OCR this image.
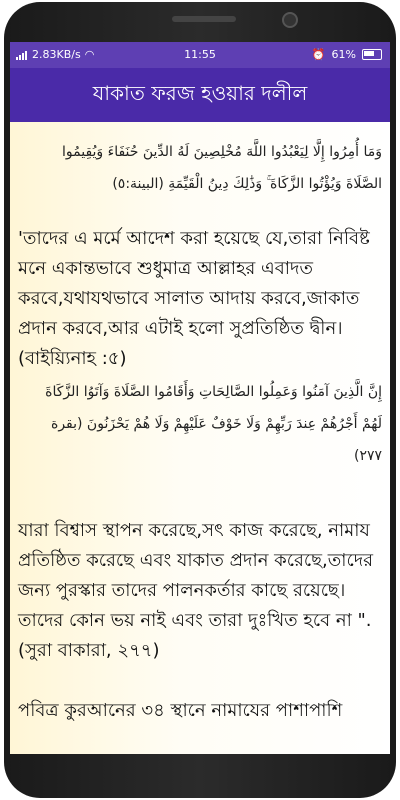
2.83KB/s ◠	11:55	⏰ 61%
যাকাত ফরজ হওয়ার দলীল
وَمَا أُمِرُوا إِلَّا لِيَعْبُدُوا اللَّهَ مُخْلِصِينَ لَهُ الدِّينَ حُنَفَاءَ وَيُقِيمُوا
الصَّلَاةَ وَيُؤْتُوا الزَّكَاةَ ۚ وَذَٰلِكَ دِينُ الْقَيِّمَةِ (البينة:٥)
'তাদের এ মর্মে আদেশ করা হয়েছে যে,তারা নিবিষ্ট মনে একান্তভাবে শুধুমাত্র আল্লাহর এবাদত করবে,যথাযথভাবে সালাত আদায় করবে,জাকাত প্রদান করবে,আর এটাই হলো সুপ্রতিষ্ঠিত দ্বীন। (বাইয়্যিনাহ :৫)
إِنَّ الَّذِينَ آمَنُوا وَعَمِلُوا الصَّالِحَاتِ وَأَقَامُوا الصَّلَاةَ وَآتَوُا الزَّكَاةَ
لَهُمْ أَجْرُهُمْ عِندَ رَبِّهِمْ وَلَا خَوْفٌ عَلَيْهِمْ وَلَا هُمْ يَحْزَنُونَ (بقرة
٢٧٧)
যারা বিশ্বাস স্থাপন করেছে,সৎ কাজ করেছে, নামায প্রতিষ্ঠিত করেছে এবং যাকাত প্রদান করেছে,তাদের জন্য পুরস্কার তাদের পালনকর্তার কাছে রয়েছে। তাদের কোন ভয় নাই এবং তারা দুঃখিত হবে না ". (সুরা বাকারা, ২৭৭)
পবিত্র কুরআনের ৩৪ স্থানে নামাযের পাশাপাশি
